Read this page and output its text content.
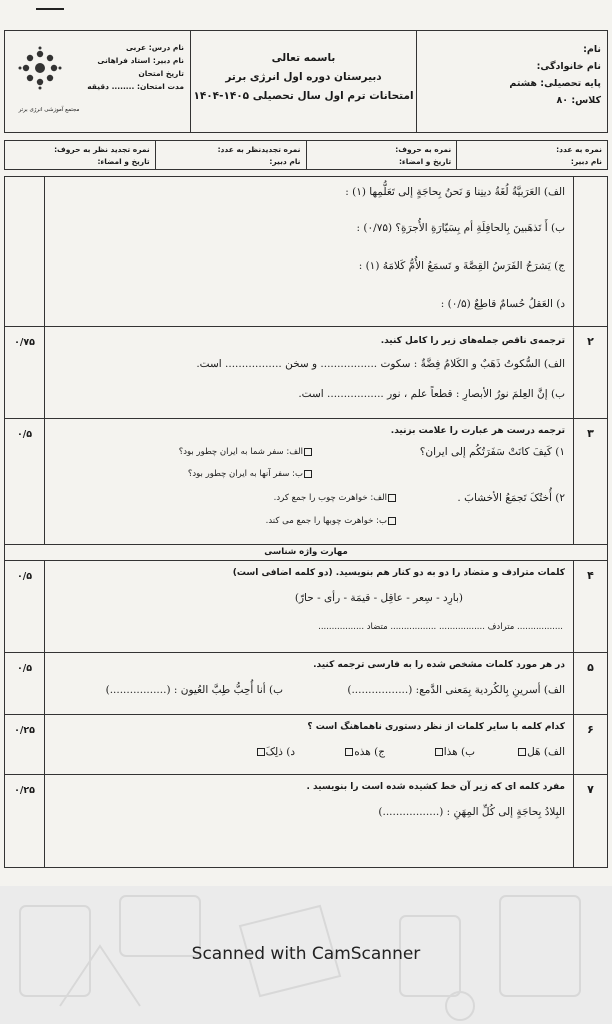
مجتمع آموزشی انرژی برتر
نام درس: عربی
نام دبیر: استاد فراهانی
تاریخ امتحان
مدت امتحان: ........ دقیقه
باسمه تعالی
دبیرستان دوره اول انرژی برتر
امتحانات ترم اول سال تحصیلی ۱۴۰۵-۱۴۰۴
نام:
نام خانوادگی:
پایه تحصیلی: هشتم
کلاس: ۸۰
نمره به عدد:
نام دبیر:
نمره به حروف:
تاریخ و امضاء:
نمره تجدیدنظر به عدد:
نام دبیر:
نمره تجدید نظر به حروف:
تاریخ و امضاء:
الف) العَرَبیَّةُ لُغَةُ دینِنا وَ نَحنُ بِحاجَةٍ إلی تَعَلُّمِها (۱) :
ب) أَ تَذهَبینَ بِالحافِلَةِ أم بِسَیّارَةِ الأُجرَةِ؟ (۰/۷۵) :
ج) یَشرَحُ الفَرَسُ القِصَّةَ و تَسمَعُ الأُمُّ کَلامَهُ (۱) :
د) العَقلُ حُسامٌ قاطِعٌ (۰/۵) :
۲
۰/۷۵	ترجمه‌ی ناقص جمله‌های زیر را کامل کنید.
الف) السُّکوتُ ذَهَبٌ و الکَلامُ فِضَّةٌ : سکوت ................. و سخن ................. است.
ب) إنَّ العِلمَ نورُ الأبصارِ : قطعاً علم ، نور ................. است.
۳
۰/۵	ترجمه درست هر عبارت را علامت بزنید.
۱) کَیفَ کانَتْ سَفَرَتُکُم إلی ایران؟
الف: سفر شما به ایران چطور بود؟
ب: سفر آنها به ایران چطور بود؟
۲) أُختُکَ تَجمَعُ الأخشابَ .
الف: خواهرت چوب را جمع کرد.
ب: خواهرت چوبها را جمع می کند.
مهارت واژه شناسی
۴
۰/۵	کلمات مترادف و متضاد را دو به دو کنار هم بنویسید. (دو کلمه اضافی است)
(بارِد - سِعر - عاقِل - قیمَة - رأی - حارّ)
................. مترادف ................. ................. متضاد .................
۵
۰/۵	در هر مورد کلمات مشخص شده را به فارسی ترجمه کنید.
الف) أسرینِ بِالکُردیة بِمَعنی الدَّمع: (.................)
ب) أنا أُحِبُّ طِبَّ العُیون : (.................)
۶
۰/۲۵	کدام کلمه با سایر کلمات از نظر دستوری ناهماهنگ است ؟
الف) هَل
ب) هذا
ج) هذه
د) ذلِکَ
۷
۰/۲۵	مفرد کلمه ای که زیر آن خط کشیده شده است را بنویسید .
البِلادُ بِحاجَةٍ إلی کُلِّ المِهَنِ : (.................)
Scanned with CamScanner
